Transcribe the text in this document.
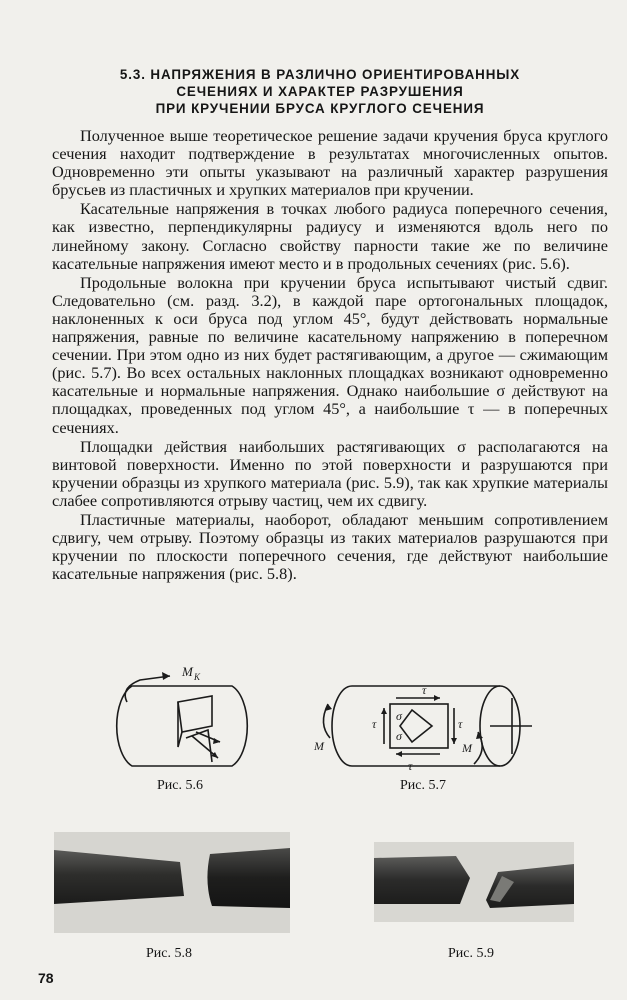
5.3. НАПРЯЖЕНИЯ В РАЗЛИЧНО ОРИЕНТИРОВАННЫХ
СЕЧЕНИЯХ И ХАРАКТЕР РАЗРУШЕНИЯ
ПРИ КРУЧЕНИИ БРУСА КРУГЛОГО СЕЧЕНИЯ

Полученное выше теоретическое решение задачи кручения бруса круглого сечения находит подтверждение в результатах многочисленных опытов. Одновременно эти опыты указывают на различный характер разрушения брусьев из пластичных и хрупких материалов при кручении.

Касательные напряжения в точках любого радиуса поперечного сечения, как известно, перпендикулярны радиусу и изменяются вдоль него по линейному закону. Согласно свойству парности такие же по величине касательные напряжения имеют место и в продольных сечениях (рис. 5.6).

Продольные волокна при кручении бруса испытывают чистый сдвиг. Следовательно (см. разд. 3.2), в каждой паре ортогональных площадок, наклоненных к оси бруса под углом 45°, будут действовать нормальные напряжения, равные по величине касательному напряжению в поперечном сечении. При этом одно из них будет растягивающим, а другое — сжимающим (рис. 5.7). Во всех остальных наклонных площадках возникают одновременно касательные и нормальные напряжения. Однако наибольшие σ действуют на площадках, проведенных под углом 45°, а наибольшие τ — в поперечных сечениях.

Площадки действия наибольших растягивающих σ располагаются на винтовой поверхности. Именно по этой поверхности и разрушаются при кручении образцы из хрупкого материала (рис. 5.9), так как хрупкие материалы слабее сопротивляются отрыву частиц, чем их сдвигу.

Пластичные материалы, наоборот, обладают меньшим сопротивлением сдвигу, чем отрыву. Поэтому образцы из таких материалов разрушаются при кручении по плоскости поперечного сечения, где действуют наибольшие касательные напряжения (рис. 5.8).

M К
Рис. 5.6
τ
τ
τ	τ
σ
σ
M	M
Рис. 5.7
Рис. 5.8	Рис. 5.9
78
